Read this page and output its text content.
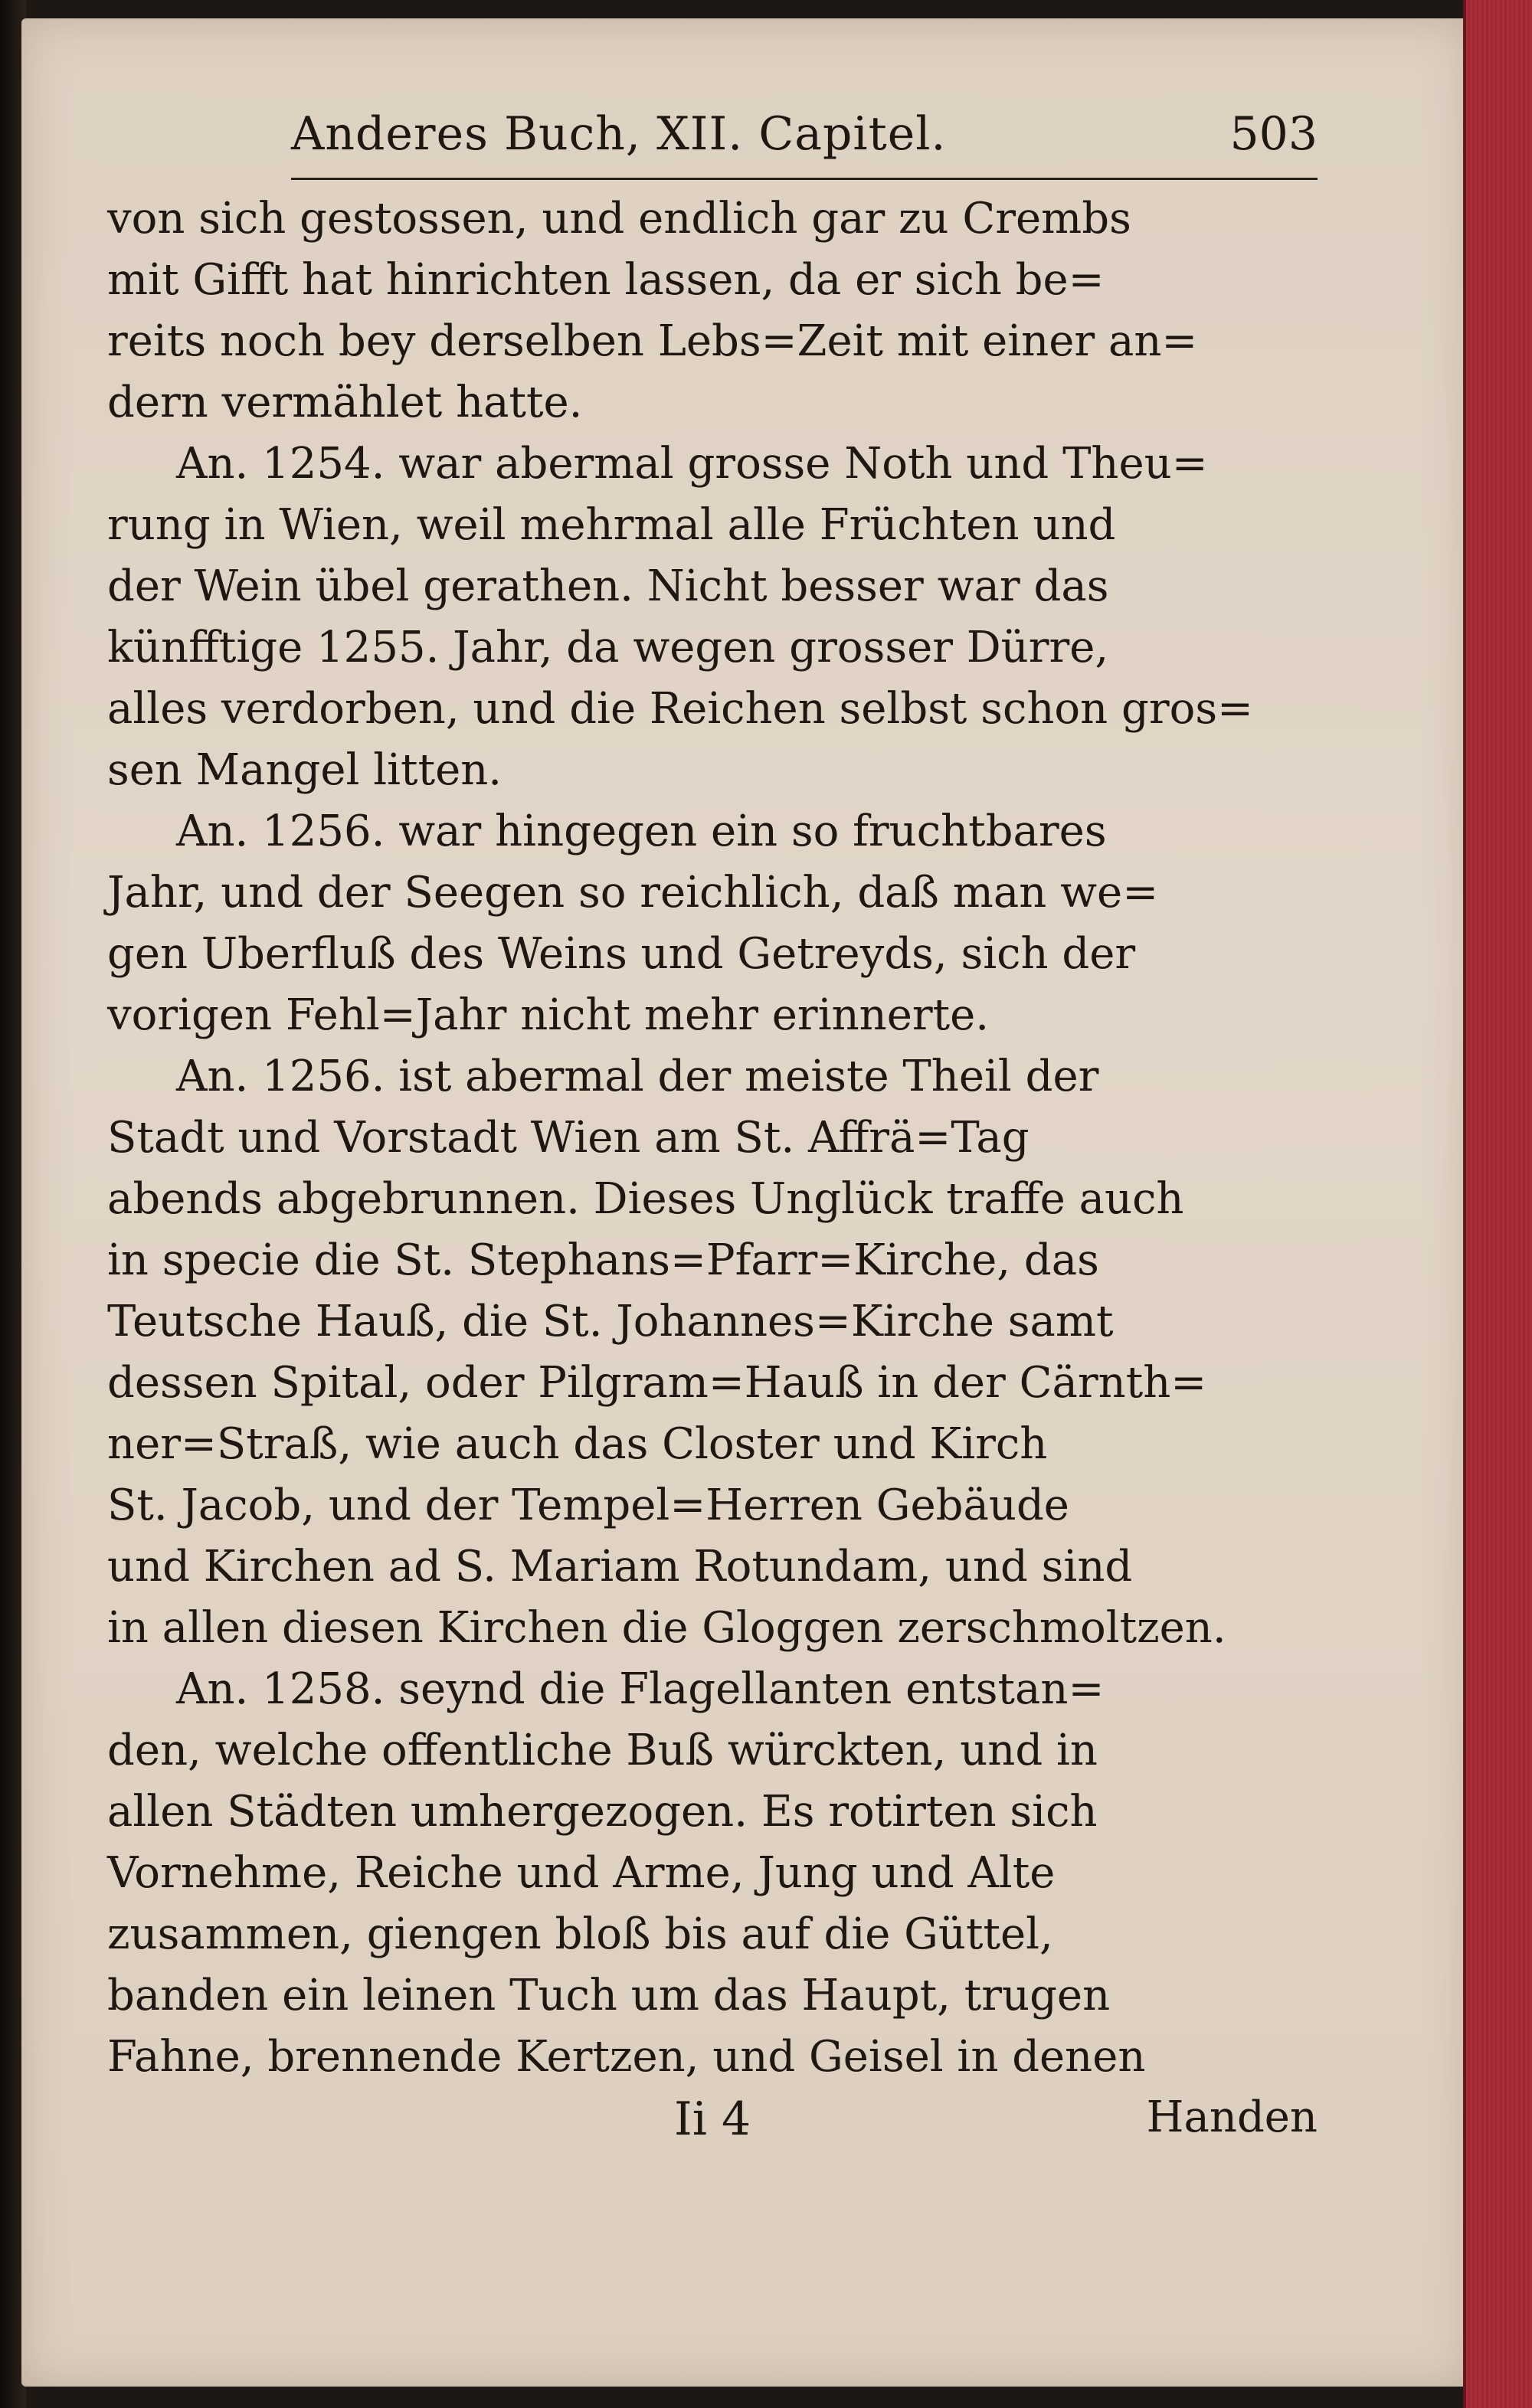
Anderes Buch, XII. Capitel.	503
von sich gestossen, und endlich gar zu Crembs
mit Gifft hat hinrichten lassen, da er sich be=
reits noch bey derselben Lebs=Zeit mit einer an=
dern vermählet hatte.
An. 1254. war abermal grosse Noth und Theu=
rung in Wien, weil mehrmal alle Früchten und
der Wein übel gerathen. Nicht besser war das
künfftige 1255. Jahr, da wegen grosser Dürre,
alles verdorben, und die Reichen selbst schon gros=
sen Mangel litten.
An. 1256. war hingegen ein so fruchtbares
Jahr, und der Seegen so reichlich, daß man we=
gen Uberfluß des Weins und Getreyds, sich der
vorigen Fehl=Jahr nicht mehr erinnerte.
An. 1256. ist abermal der meiste Theil der
Stadt und Vorstadt Wien am St. Affrä=Tag
abends abgebrunnen. Dieses Unglück traffe auch
in specie die St. Stephans=Pfarr=Kirche, das
Teutsche Hauß, die St. Johannes=Kirche samt
dessen Spital, oder Pilgram=Hauß in der Cärnth=
ner=Straß, wie auch das Closter und Kirch
St. Jacob, und der Tempel=Herren Gebäude
und Kirchen ad S. Mariam Rotundam, und sind
in allen diesen Kirchen die Gloggen zerschmoltzen.
An. 1258. seynd die Flagellanten entstan=
den, welche offentliche Buß würckten, und in
allen Städten umhergezogen. Es rotirten sich
Vornehme, Reiche und Arme, Jung und Alte
zusammen, giengen bloß bis auf die Güttel,
banden ein leinen Tuch um das Haupt, trugen
Fahne, brennende Kertzen, und Geisel in denen
Ii 4	Handen
